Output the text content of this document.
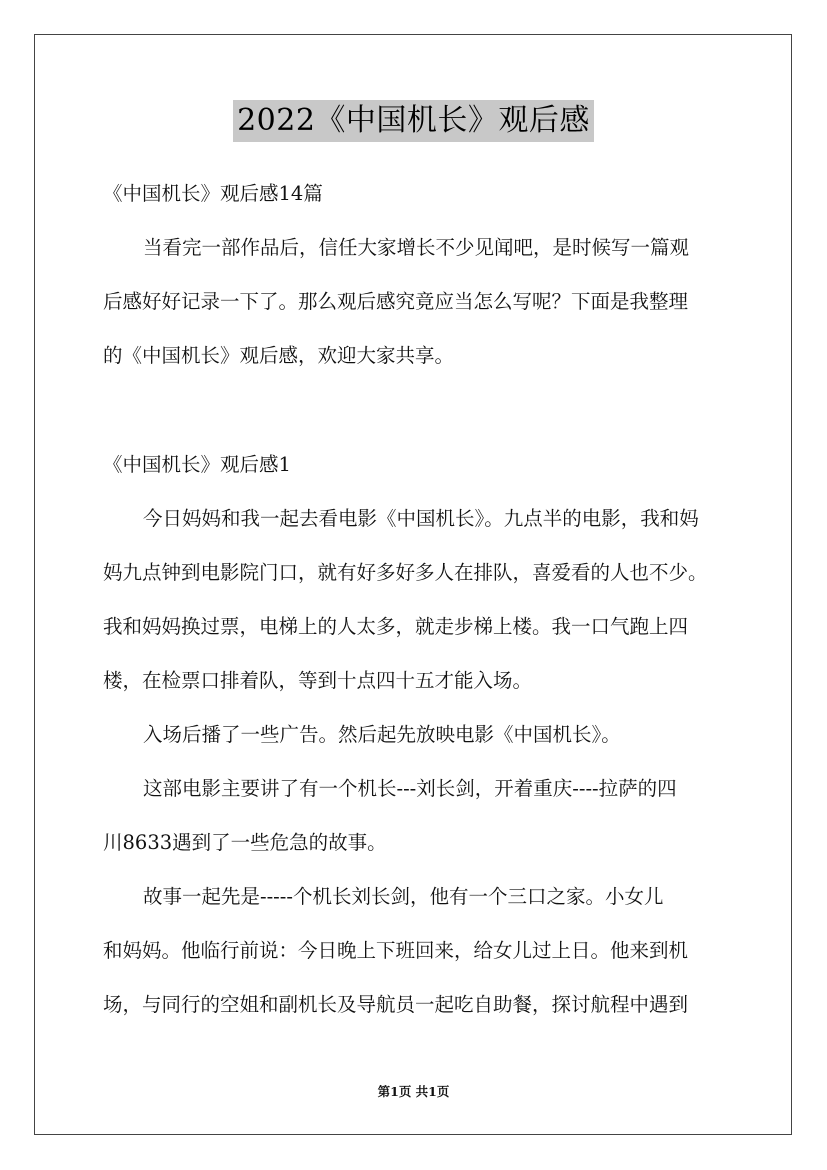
2022《中国机长》观后感
《中国机长》观后感14篇
当看完一部作品后，信任大家增长不少见闻吧，是时候写一篇观
后感好好记录一下了。那么观后感究竟应当怎么写呢？下面是我整理
的《中国机长》观后感，欢迎大家共享。
《中国机长》观后感1
今日妈妈和我一起去看电影《中国机长》。九点半的电影，我和妈
妈九点钟到电影院门口，就有好多好多人在排队，喜爱看的人也不少。
我和妈妈换过票，电梯上的人太多，就走步梯上楼。我一口气跑上四
楼，在检票口排着队，等到十点四十五才能入场。
入场后播了一些广告。然后起先放映电影《中国机长》。
这部电影主要讲了有一个机长---刘长剑，开着重庆----拉萨的四
川8633遇到了一些危急的故事。
故事一起先是-----个机长刘长剑，他有一个三口之家。小女儿
和妈妈。他临行前说：今日晚上下班回来，给女儿过上日。他来到机
场，与同行的空姐和副机长及导航员一起吃自助餐，探讨航程中遇到
第1页 共1页
